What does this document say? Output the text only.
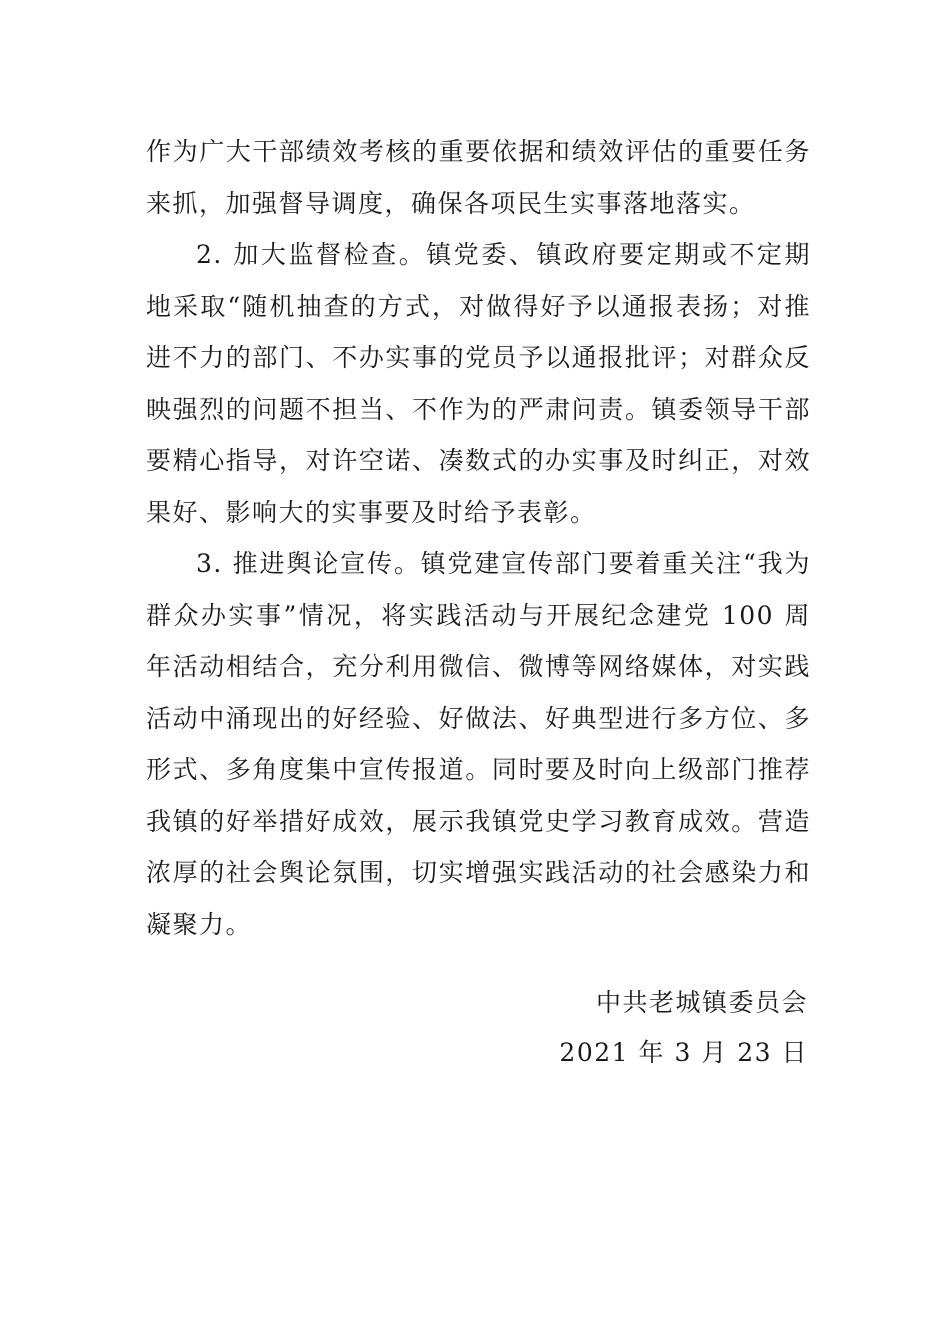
作为广大干部绩效考核的重要依据和绩效评估的重要任务来抓，加强督导调度，确保各项民生实事落地落实。

2. 加大监督检查。镇党委、镇政府要定期或不定期地采取“随机抽查的方式，对做得好予以通报表扬；对推进不力的部门、不办实事的党员予以通报批评；对群众反映强烈的问题不担当、不作为的严肃问责。镇委领导干部要精心指导，对许空诺、凑数式的办实事及时纠正，对效果好、影响大的实事要及时给予表彰。

3. 推进舆论宣传。镇党建宣传部门要着重关注“我为群众办实事”情况，将实践活动与开展纪念建党 100 周年活动相结合，充分利用微信、微博等网络媒体，对实践活动中涌现出的好经验、好做法、好典型进行多方位、多形式、多角度集中宣传报道。同时要及时向上级部门推荐我镇的好举措好成效，展示我镇党史学习教育成效。营造浓厚的社会舆论氛围，切实增强实践活动的社会感染力和凝聚力。

中共老城镇委员会
2021 年 3 月 23 日
